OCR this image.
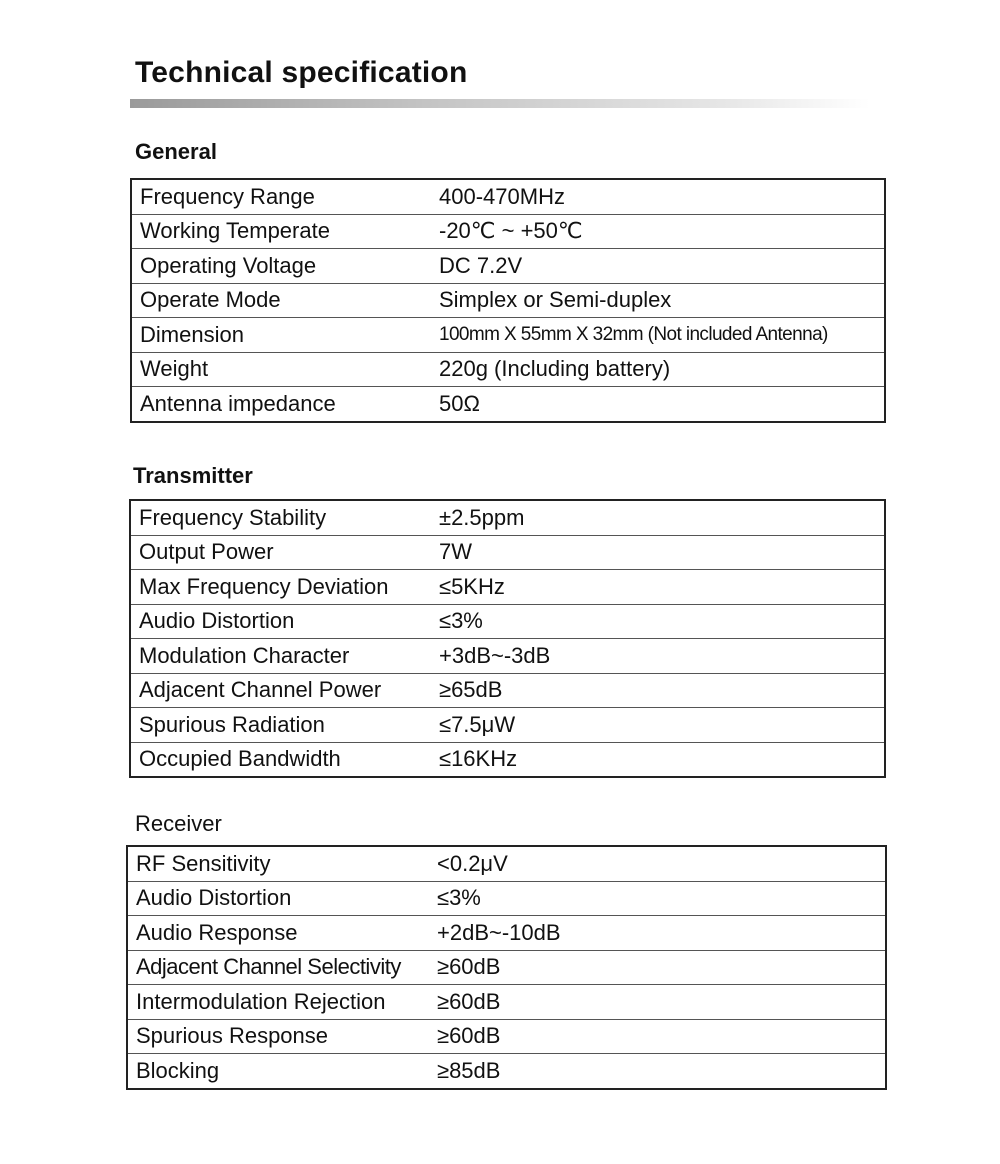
Technical specification
General
Frequency Range	400-470MHz
Working Temperate	-20℃ ~ +50℃
Operating Voltage	DC 7.2V
Operate Mode	Simplex or Semi-duplex
Dimension	100mm X 55mm X 32mm (Not included Antenna)
Weight	220g (Including battery)
Antenna impedance	50Ω
Transmitter
Frequency Stability	±2.5ppm
Output Power	7W
Max Frequency Deviation	≤5KHz
Audio Distortion	≤3%
Modulation Character	+3dB~-3dB
Adjacent Channel Power	≥65dB
Spurious Radiation	≤7.5μW
Occupied Bandwidth	≤16KHz
Receiver
RF Sensitivity	<0.2μV
Audio Distortion	≤3%
Audio Response	+2dB~-10dB
Adjacent Channel Selectivity	≥60dB
Intermodulation Rejection	≥60dB
Spurious Response	≥60dB
Blocking	≥85dB
